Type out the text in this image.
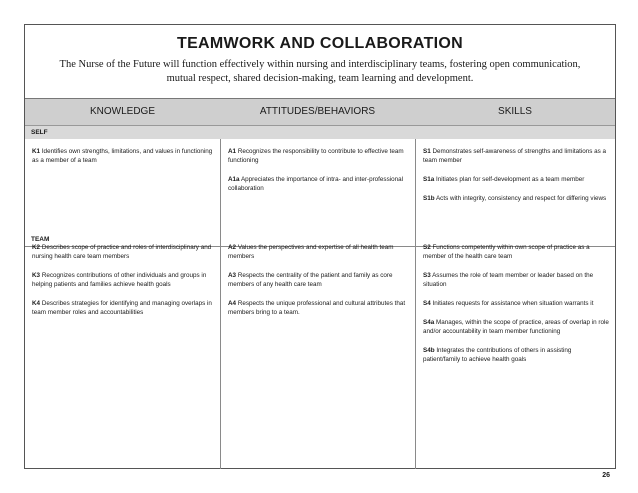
TEAMWORK AND COLLABORATION
The Nurse of the Future will function effectively within nursing and interdisciplinary teams, fostering open communication, mutual respect, shared decision-making, team learning and development.
KNOWLEDGE	ATTITUDES/BEHAVIORS	SKILLS
SELF
TEAM

K1 Identifies own strengths, limitations, and values in functioning as a member of a team

A1 Recognizes the responsibility to contribute to effective team functioning

A1a Appreciates the importance of intra- and inter-professional collaboration

S1 Demonstrates self-awareness of strengths and limitations as a team member

S1a Initiates plan for self-development as a team member

S1b Acts with integrity, consistency and respect for differing views

K2 Describes scope of practice and roles of interdisciplinary and nursing health care team members

K3 Recognizes contributions of other individuals and groups in helping patients and families achieve health goals

K4 Describes strategies for identifying and managing overlaps in team member roles and accountabilities

A2 Values the perspectives and expertise of all health team members

A3 Respects the centrality of the patient and family as core members of any health care team

A4 Respects the unique professional and cultural attributes that members bring to a team.

S2 Functions competently within own scope of practice as a member of the health care team

S3 Assumes the role of team member or leader based on the situation

S4 Initiates requests for assistance when situation warrants it

S4a Manages, within the scope of practice, areas of overlap in role and/or accountability in team member functioning

S4b Integrates the contributions of others in assisting patient/family to achieve health goals

26
